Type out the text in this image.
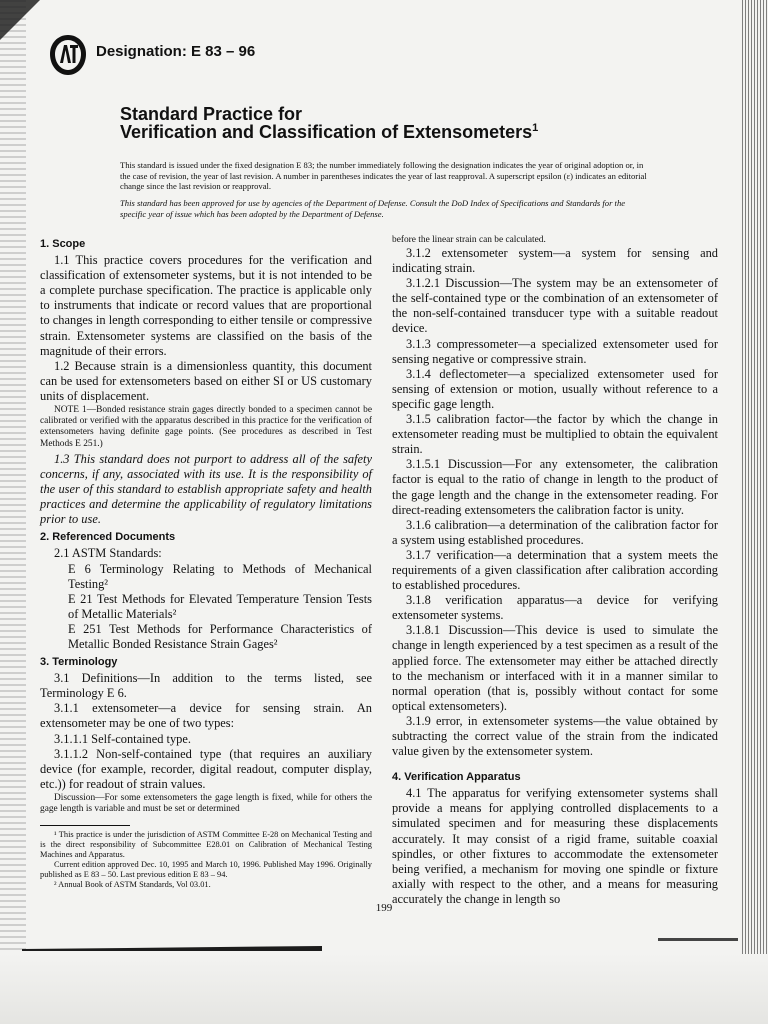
Designation: E 83 – 96
Standard Practice for
Verification and Classification of Extensometers$^1$
This standard is issued under the fixed designation E 83; the number immediately following the designation indicates the year of original adoption or, in the case of revision, the year of last revision. A number in parentheses indicates the year of last reapproval. A superscript epsilon (ε) indicates an editorial change since the last revision or reapproval.
This standard has been approved for use by agencies of the Department of Defense. Consult the DoD Index of Specifications and Standards for the specific year of issue which has been adopted by the Department of Defense.

1. Scope

1.1 This practice covers procedures for the verification and classification of extensometer systems, but it is not intended to be a complete purchase specification. The practice is applicable only to instruments that indicate or record values that are proportional to changes in length corresponding to either tensile or compressive strain. Extensometer systems are classified on the basis of the magnitude of their errors.

1.2 Because strain is a dimensionless quantity, this document can be used for extensometers based on either SI or US customary units of displacement.

NOTE 1—Bonded resistance strain gages directly bonded to a specimen cannot be calibrated or verified with the apparatus described in this practice for the verification of extensometers having definite gage points. (See procedures as described in Test Methods E 251.)

1.3 This standard does not purport to address all of the safety concerns, if any, associated with its use. It is the responsibility of the user of this standard to establish appropriate safety and health practices and determine the applicability of regulatory limitations prior to use.

2. Referenced Documents

2.1 ASTM Standards:

E 6 Terminology Relating to Methods of Mechanical Testing²

E 21 Test Methods for Elevated Temperature Tension Tests of Metallic Materials²

E 251 Test Methods for Performance Characteristics of Metallic Bonded Resistance Strain Gages²

3. Terminology

3.1 Definitions—In addition to the terms listed, see Terminology E 6.

3.1.1 extensometer—a device for sensing strain. An extensometer may be one of two types:

3.1.1.1 Self-contained type.

3.1.1.2 Non-self-contained type (that requires an auxiliary device (for example, recorder, digital readout, computer display, etc.)) for readout of strain values.

Discussion—For some extensometers the gage length is fixed, while for others the gage length is variable and must be set or determined

¹ This practice is under the jurisdiction of ASTM Committee E-28 on Mechanical Testing and is the direct responsibility of Subcommittee E28.01 on Calibration of Mechanical Testing Machines and Apparatus.

Current edition approved Dec. 10, 1995 and March 10, 1996. Published May 1996. Originally published as E 83 – 50. Last previous edition E 83 – 94.

² Annual Book of ASTM Standards, Vol 03.01.

before the linear strain can be calculated.

3.1.2 extensometer system—a system for sensing and indicating strain.

3.1.2.1 Discussion—The system may be an extensometer of the self-contained type or the combination of an extensometer of the non-self-contained transducer type with a suitable readout device.

3.1.3 compressometer—a specialized extensometer used for sensing negative or compressive strain.

3.1.4 deflectometer—a specialized extensometer used for sensing of extension or motion, usually without reference to a specific gage length.

3.1.5 calibration factor—the factor by which the change in extensometer reading must be multiplied to obtain the equivalent strain.

3.1.5.1 Discussion—For any extensometer, the calibration factor is equal to the ratio of change in length to the product of the gage length and the change in the extensometer reading. For direct-reading extensometers the calibration factor is unity.

3.1.6 calibration—a determination of the calibration factor for a system using established procedures.

3.1.7 verification—a determination that a system meets the requirements of a given classification after calibration according to established procedures.

3.1.8 verification apparatus—a device for verifying extensometer systems.

3.1.8.1 Discussion—This device is used to simulate the change in length experienced by a test specimen as a result of the applied force. The extensometer may either be attached directly to the mechanism or interfaced with it in a manner similar to normal operation (that is, possibly without contact for some optical extensometers).

3.1.9 error, in extensometer systems—the value obtained by subtracting the correct value of the strain from the indicated value given by the extensometer system.

4. Verification Apparatus

4.1 The apparatus for verifying extensometer systems shall provide a means for applying controlled displacements to a simulated specimen and for measuring these displacements accurately. It may consist of a rigid frame, suitable coaxial spindles, or other fixtures to accommodate the extensometer being verified, a mechanism for moving one spindle or fixture axially with respect to the other, and a means for measuring accurately the change in length so

199
